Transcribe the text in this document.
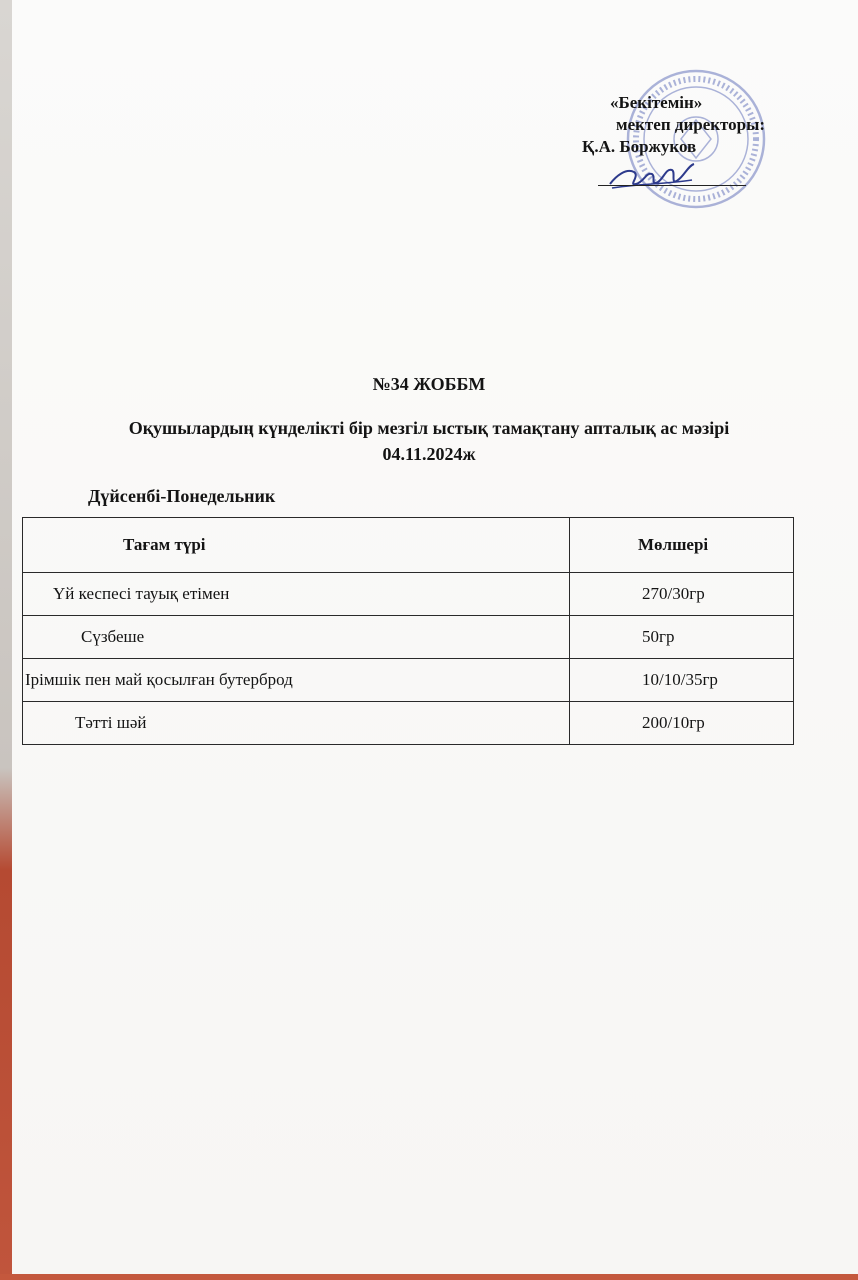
«Бекітемін»
мектеп директоры:
Қ.А. Боржуков
№34 ЖОББМ
Оқушылардың күнделікті бір мезгіл ыстық тамақтану апталық ас мәзірі
04.11.2024ж
Дүйсенбі-Понедельник
Тағам түрі	Мөлшері
Үй кеспесі тауық етімен	270/30гр
Сүзбеше	50гр
Ірімшік пен май қосылған бутерброд	10/10/35гр
Тәтті шәй	200/10гр
